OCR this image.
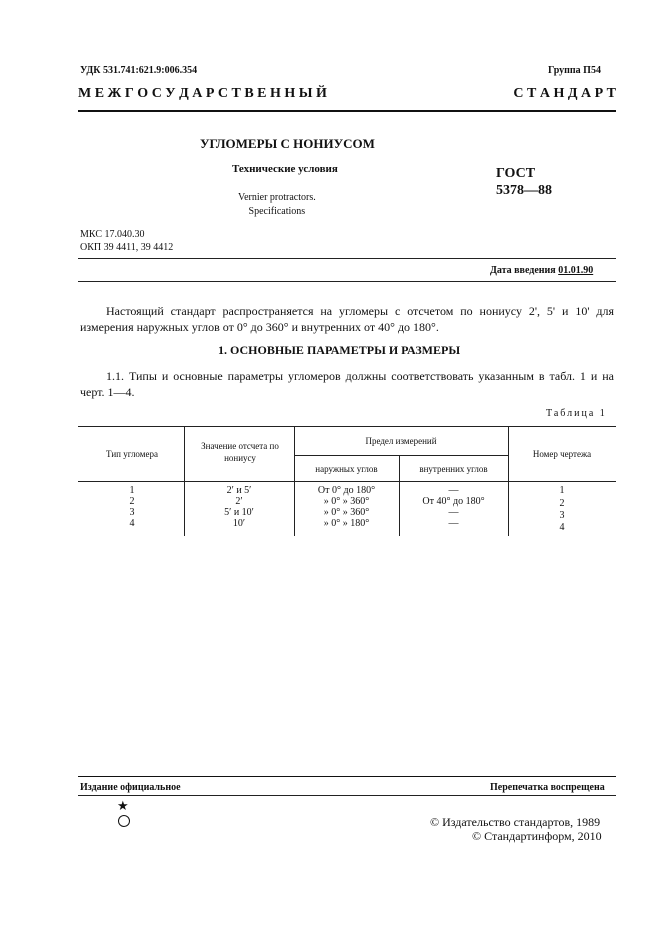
УДК 531.741:621.9:006.354	Группа П54
М Е Ж Г О С У Д А Р С Т В Е Н Н Ы Й	С Т А Н Д А Р Т
УГЛОМЕРЫ С НОНИУСОМ
Технические условия	ГОСТ
5378—88
Vernier protractors.
Specifications
МКС 17.040.30
ОКП 39 4411, 39 4412
Дата введения 01.01.90
Настоящий стандарт распространяется на угломеры с отсчетом по нониусу 2', 5' и 10' для измерения наружных углов от 0° до 360° и внутренних от 40° до 180°.
1. ОСНОВНЫЕ ПАРАМЕТРЫ И РАЗМЕРЫ
1.1. Типы и основные параметры угломеров должны соответствовать указанным в табл. 1 и на черт. 1—4.
Таблица 1
Тип угломера
Значение отсчета по нониусу
Предел измерений
наружных углов	внутренних углов
Номер чертежа
1	2′ и 5′	От 0° до 180°	—	1
2	2′	» 0° » 360°	От 40° до 180°	2
3	5′ и 10′	» 0° » 360°	—	3
4	10′	» 0° » 180°	—	4
Издание официальное	Перепечатка воспрещена
★
© Издательство стандартов, 1989
© Стандартинформ, 2010
